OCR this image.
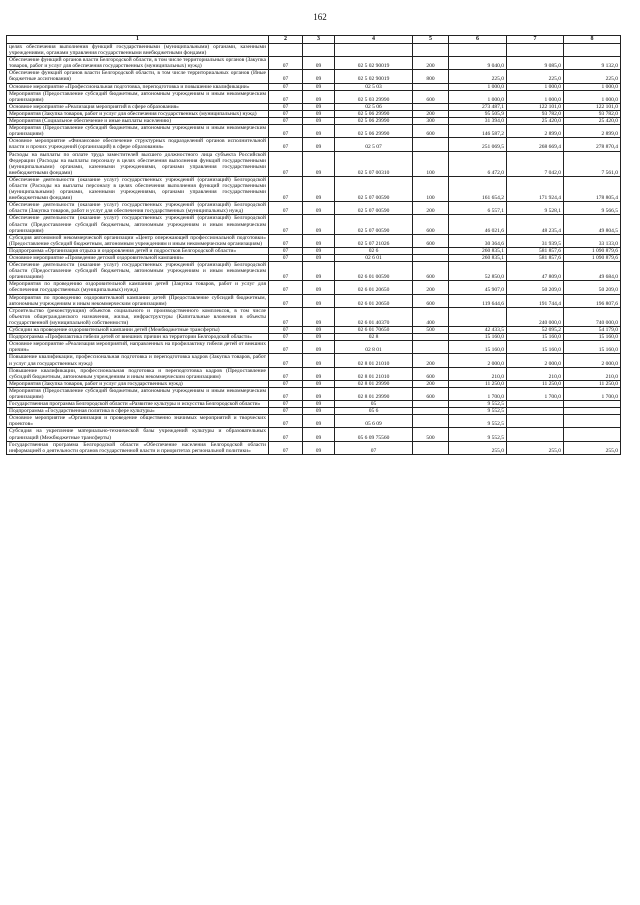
162
1	2	3	4	5	6	7	8
целях обеспечения выполнения функций государственными (муниципальными) органами, казенными учреждениями, органами управления государственными внебюджетными фондами)							
Обеспечение функций органов власти Белгородской области, в том числе территориальных органов (Закупка товаров, работ и услуг для обеспечения государственных (муниципальных) нужд)	07	09	02 5 02 90019	200	9 040,0	9 085,0	9 132,0
Обеспечение функций органов власти Белгородской области, в том числе территориальных органов (Иные бюджетные ассигнования)	07	09	02 5 02 90019	800	225,0	225,0	225,0
Основное мероприятие «Профессиональная подготовка, переподготовка и повышение квалификации»	07	09	02 5 03		1 000,0	1 000,0	1 000,0
Мероприятия (Предоставление субсидий бюджетным, автономным учреждениям и иным некоммерческим организациям)	07	09	02 5 03 29990	600	1 000,0	1 000,0	1 000,0
Основное мероприятие «Реализация мероприятий в сфере образования»	07	09	02 5 06		273 487,1	122 101,0	122 101,0
Мероприятия (Закупка товаров, работ и услуг для обеспечения государственных (муниципальных) нужд)	07	09	02 5 06 29990	200	95 505,9	93 782,0	93 782,0
Мероприятия (Социальное обеспечение и иные выплаты населению)	07	09	02 5 06 29990	300	31 394,0	25 420,0	25 420,0
Мероприятия (Предоставление субсидий бюджетным, автономным учреждениям и иным некоммерческим организациям)	07	09	02 5 06 29990	600	146 587,2	2 899,0	2 899,0
Основное мероприятие «Финансовое обеспечение структурных подразделений органов исполнительной власти и прочих учреждений (организаций) в сфере образования»	07	09	02 5 07		251 069,5	268 669,4	278 870,4
Расходы на выплаты по оплате труда заместителей высшего должностного лица субъекта Российской Федерации (Расходы на выплаты персоналу в целях обеспечения выполнения функций государственными (муниципальными) органами, казенными учреждениями, органами управления государственными внебюджетными фондами)	07	09	02 5 07 00310	100	6 472,0	7 042,0	7 561,0
Обеспечение деятельности (оказание услуг) государственных учреждений (организаций) Белгородской области (Расходы на выплаты персоналу в целях обеспечения выполнения функций государственными (муниципальными) органами, казенными учреждениями, органами управления государственными внебюджетными фондами)	07	09	02 5 07 00590	100	161 654,2	171 924,4	178 805,4
Обеспечение деятельности (оказание услуг) государственных учреждений (организаций) Белгородской области (Закупка товаров, работ и услуг для обеспечения государственных (муниципальных) нужд)	07	09	02 5 07 00590	200	6 557,1	9 528,1	9 566,5
Обеспечение деятельности (оказание услуг) государственных учреждений (организаций) Белгородской области (Предоставление субсидий бюджетным, автономным учреждениям и иным некоммерческим организациям)	07	09	02 5 07 00590	600	46 021,6	48 235,4	49 804,5
Субсидия автономной некоммерческой организации «Центр опережающей профессиональной подготовки» (Предоставление субсидий бюджетным, автономным учреждениям и иным некоммерческим организациям)	07	09	02 5 07 21026	600	30 364,6	31 939,5	33 133,0
Подпрограмма «Организация отдыха и оздоровления детей и подростков Белгородской области»	07	09	02 6		260 835,1	581 857,6	1 090 879,6
Основное мероприятие «Проведение детской оздоровительной кампании»	07	09	02 6 01		260 835,1	581 857,6	1 090 879,6
Обеспечение деятельности (оказание услуг) государственных учреждений (организаций) Белгородской области (Предоставление субсидий бюджетным, автономным учреждениям и иным некоммерческим организациям)	07	09	02 6 01 00590	600	52 850,0	47 809,0	49 684,0
Мероприятия по проведению оздоровительной кампании детей (Закупка товаров, работ и услуг для обеспечения государственных (муниципальных) нужд)	07	09	02 6 01 20650	200	45 907,0	50 209,0	50 209,0
Мероприятия по проведению оздоровительной кампании детей (Предоставление субсидий бюджетным, автономным учреждениям и иным некоммерческим организациям)	07	09	02 6 01 20650	600	119 644,6	191 744,4	196 807,6
Строительство (реконструкция) объектов социального и производственного комплексов, в том числе объектов общегражданского назначения, жилья, инфраструктуры (Капитальные вложения в объекты государственной (муниципальной) собственности)	07	09	02 6 01 40370	400		240 000,0	740 000,0
Субсидии на проведение оздоровительной кампании детей (Межбюджетные трансферты)	07	09	02 6 01 70650	500	42 433,5	52 095,2	54 179,0
Подпрограмма «Профилактика гибели детей от внешних причин на территории Белгородской области»	07	09	02 8		15 160,0	15 160,0	15 160,0
Основное мероприятие «Реализация мероприятий, направленных на профилактику гибели детей от внешних причин»	07	09	02 8 01		15 160,0	15 160,0	15 160,0
Повышение квалификации, профессиональная подготовка и переподготовка кадров (Закупка товаров, работ и услуг для государственных нужд)	07	09	02 8 01 21010	200	2 000,0	2 000,0	2 000,0
Повышение квалификации, профессиональная подготовка и переподготовка кадров (Предоставление субсидий бюджетным, автономным учреждениям и иным некоммерческим организациям)	07	09	02 8 01 21010	600	210,0	210,0	210,0
Мероприятия (Закупка товаров, работ и услуг для государственных нужд)	07	09	02 8 01 29990	200	11 250,0	11 250,0	11 250,0
Мероприятия (Предоставление субсидий бюджетным, автономным учреждениям и иным некоммерческим организациям)	07	09	02 8 01 29990	600	1 700,0	1 700,0	1 700,0
Государственная программа Белгородской области «Развитие культуры и искусства Белгородской области»	07	09	05		9 552,5		
Подпрограмма «Государственная политика в сфере культуры»	07	09	05 6		9 552,5		
Основное мероприятие «Организация и проведение общественно значимых мероприятий и творческих проектов»	07	09	05 6 09		9 552,5		
Субсидия на укрепление материально-технической базы учреждений культуры и образовательных организаций (Межбюджетные трансферты)	07	09	05 6 09 75560	500	9 552,5		
Государственная программа Белгородской области «Обеспечение населения Белгородской области информацией о деятельности органов государственной власти и приоритетах региональной политики»	07	09	07		255,0	255,0	255,0
